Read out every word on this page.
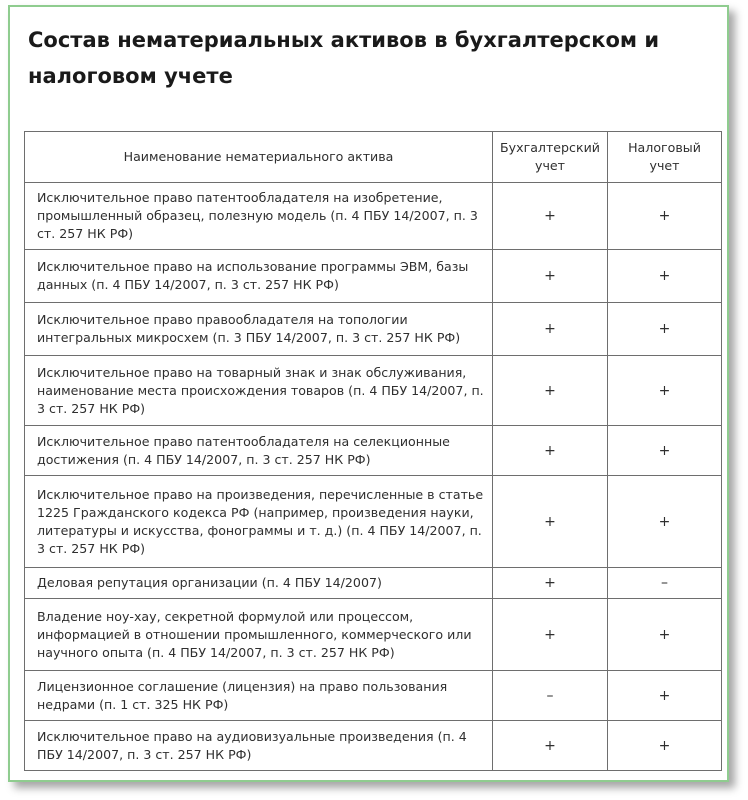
Состав нематериальных активов в бухгалтерском и налоговом учете
Наименование нематериального актива	Бухгалтерский учет	Налоговый учет
Исключительное право патентообладателя на изобретение, промышленный образец, полезную модель (п. 4 ПБУ 14/2007, п. 3 ст. 257 НК РФ)	+	+
Исключительное право на использование программы ЭВМ, базы данных (п. 4 ПБУ 14/2007, п. 3 ст. 257 НК РФ)	+	+
Исключительное право правообладателя на топологии интегральных микросхем (п. 3 ПБУ 14/2007, п. 3 ст. 257 НК РФ)	+	+
Исключительное право на товарный знак и знак обслуживания, наименование места происхождения товаров (п. 4 ПБУ 14/2007, п. 3 ст. 257 НК РФ)	+	+
Исключительное право патентообладателя на селекционные достижения (п. 4 ПБУ 14/2007, п. 3 ст. 257 НК РФ)	+	+
Исключительное право на произведения, перечисленные в статье 1225 Гражданского кодекса РФ (например, произведения науки, литературы и искусства, фонограммы и т. д.) (п. 4 ПБУ 14/2007, п. 3 ст. 257 НК РФ)	+	+
Деловая репутация организации (п. 4 ПБУ 14/2007)	+	–
Владение ноу-хау, секретной формулой или процессом, информацией в отношении промышленного, коммерческого или научного опыта (п. 4 ПБУ 14/2007, п. 3 ст. 257 НК РФ)	+	+
Лицензионное соглашение (лицензия) на право пользования недрами (п. 1 ст. 325 НК РФ)	–	+
Исключительное право на аудиовизуальные произведения (п. 4 ПБУ 14/2007, п. 3 ст. 257 НК РФ)	+	+
